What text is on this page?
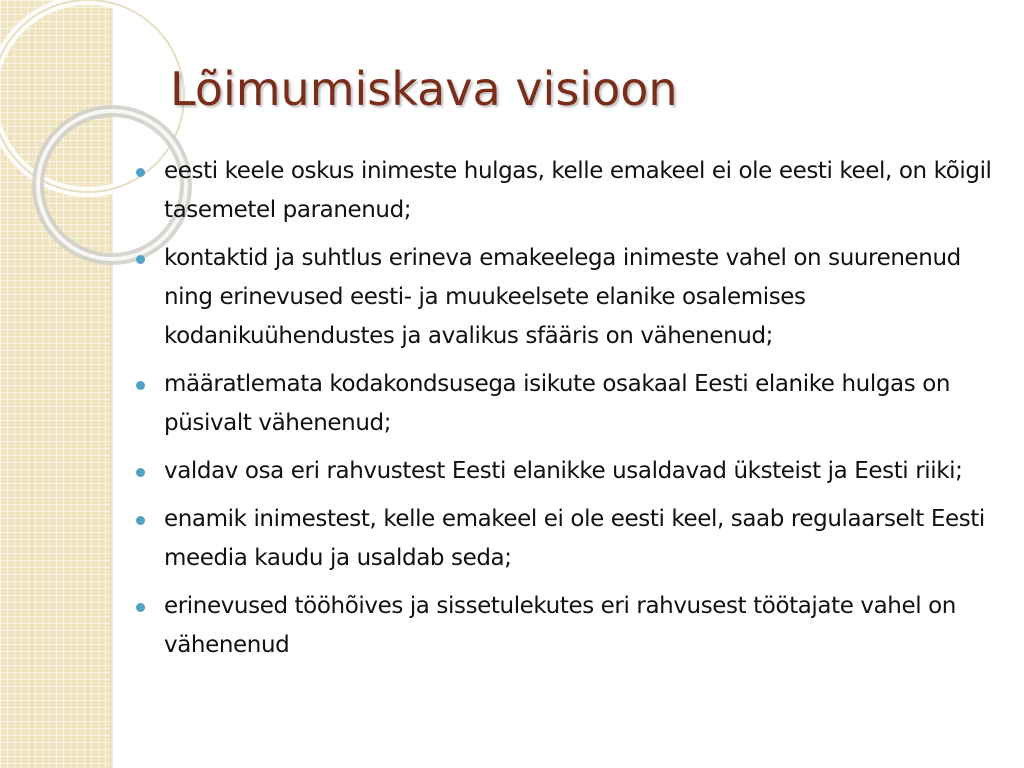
Lõimumiskava visioon
eesti keele oskus inimeste hulgas, kelle emakeel ei ole eesti keel, on kõigil tasemetel paranenud;
kontaktid ja suhtlus erineva emakeelega inimeste vahel on suurenenud ning erinevused eesti- ja muukeelsete elanike osalemises kodanikuühendustes ja avalikus sfääris on vähenenud;
määratlemata kodakondsusega isikute osakaal Eesti elanike hulgas on püsivalt vähenenud;
valdav osa eri rahvustest Eesti elanikke usaldavad üksteist ja Eesti riiki;
enamik inimestest, kelle emakeel ei ole eesti keel, saab regulaarselt Eesti meedia kaudu ja usaldab seda;
erinevused tööhõives ja sissetulekutes eri rahvusest töötajate vahel on vähenenud
